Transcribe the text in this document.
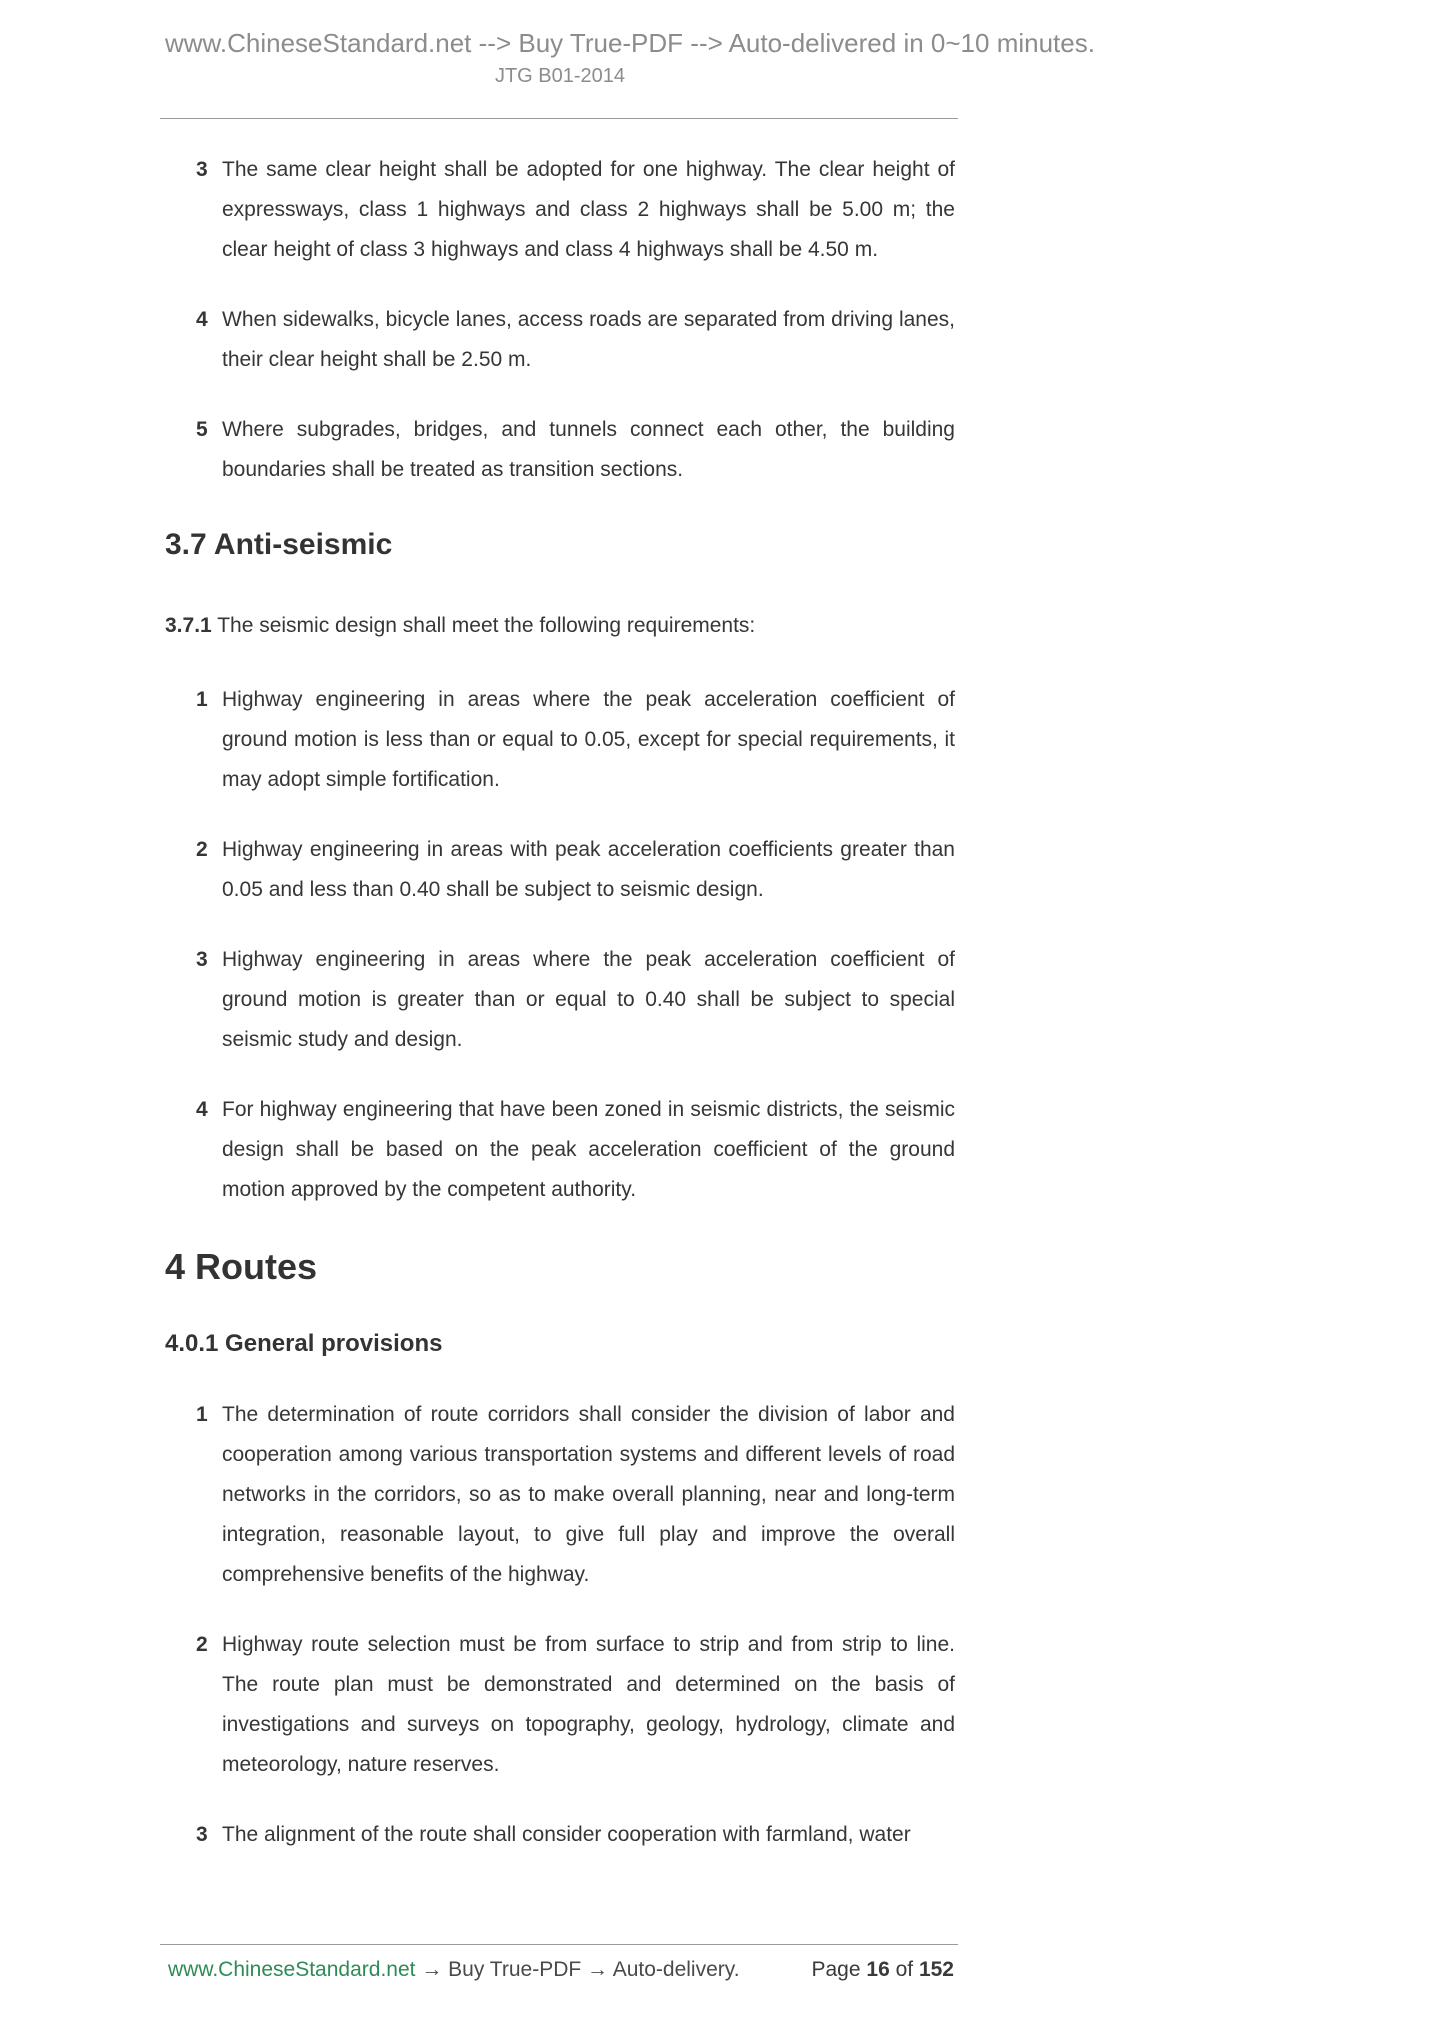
www.ChineseStandard.net --> Buy True-PDF --> Auto-delivered in 0~10 minutes.
JTG B01-2014

3 The same clear height shall be adopted for one highway. The clear height of expressways, class 1 highways and class 2 highways shall be 5.00 m; the clear height of class 3 highways and class 4 highways shall be 4.50 m.

4 When sidewalks, bicycle lanes, access roads are separated from driving lanes, their clear height shall be 2.50 m.

5 Where subgrades, bridges, and tunnels connect each other, the building boundaries shall be treated as transition sections.

3.7 Anti-seismic

3.7.1 The seismic design shall meet the following requirements:

1 Highway engineering in areas where the peak acceleration coefficient of ground motion is less than or equal to 0.05, except for special requirements, it may adopt simple fortification.

2 Highway engineering in areas with peak acceleration coefficients greater than 0.05 and less than 0.40 shall be subject to seismic design.

3 Highway engineering in areas where the peak acceleration coefficient of ground motion is greater than or equal to 0.40 shall be subject to special seismic study and design.

4 For highway engineering that have been zoned in seismic districts, the seismic design shall be based on the peak acceleration coefficient of the ground motion approved by the competent authority.

4 Routes
4.0.1 General provisions

1 The determination of route corridors shall consider the division of labor and cooperation among various transportation systems and different levels of road networks in the corridors, so as to make overall planning, near and long-term integration, reasonable layout, to give full play and improve the overall comprehensive benefits of the highway.

2 Highway route selection must be from surface to strip and from strip to line. The route plan must be demonstrated and determined on the basis of investigations and surveys on topography, geology, hydrology, climate and meteorology, nature reserves.

3 The alignment of the route shall consider cooperation with farmland, water

www.ChineseStandard.net → Buy True-PDF → Auto-delivery.	Page 16 of 152
